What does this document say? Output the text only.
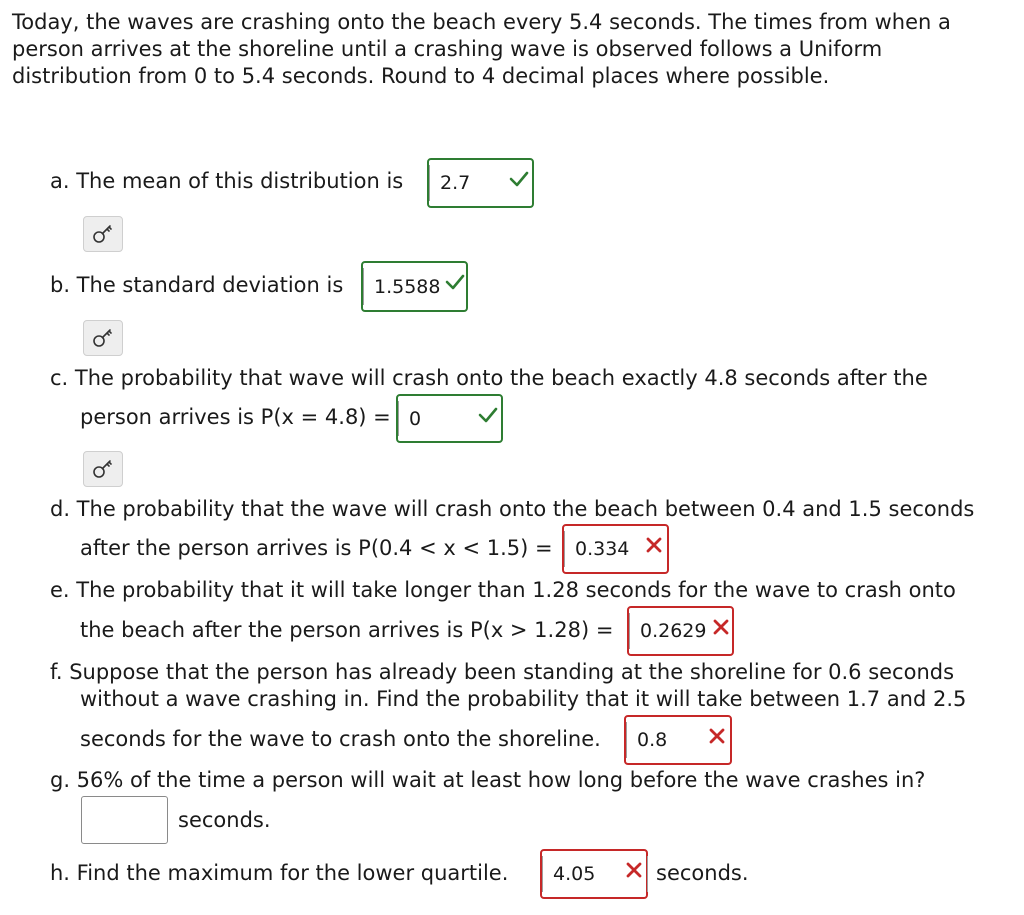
Today, the waves are crashing onto the beach every 5.4 seconds. The times from when a
person arrives at the shoreline until a crashing wave is observed follows a Uniform
distribution from 0 to 5.4 seconds. Round to 4 decimal places where possible.
a. The mean of this distribution is	2.7
b. The standard deviation is	1.5588
c. The probability that wave will crash onto the beach exactly 4.8 seconds after the
person arrives is P(x = 4.8) = 0
d. The probability that the wave will crash onto the beach between 0.4 and 1.5 seconds
after the person arrives is P(0.4 < x < 1.5) =	0.334
e. The probability that it will take longer than 1.28 seconds for the wave to crash onto
the beach after the person arrives is P(x > 1.28) =	0.2629
f. Suppose that the person has already been standing at the shoreline for 0.6 seconds
without a wave crashing in. Find the probability that it will take between 1.7 and 2.5
seconds for the wave to crash onto the shoreline.	0.8
g. 56% of the time a person will wait at least how long before the wave crashes in?
seconds.
h. Find the maximum for the lower quartile.	4.05	seconds.
